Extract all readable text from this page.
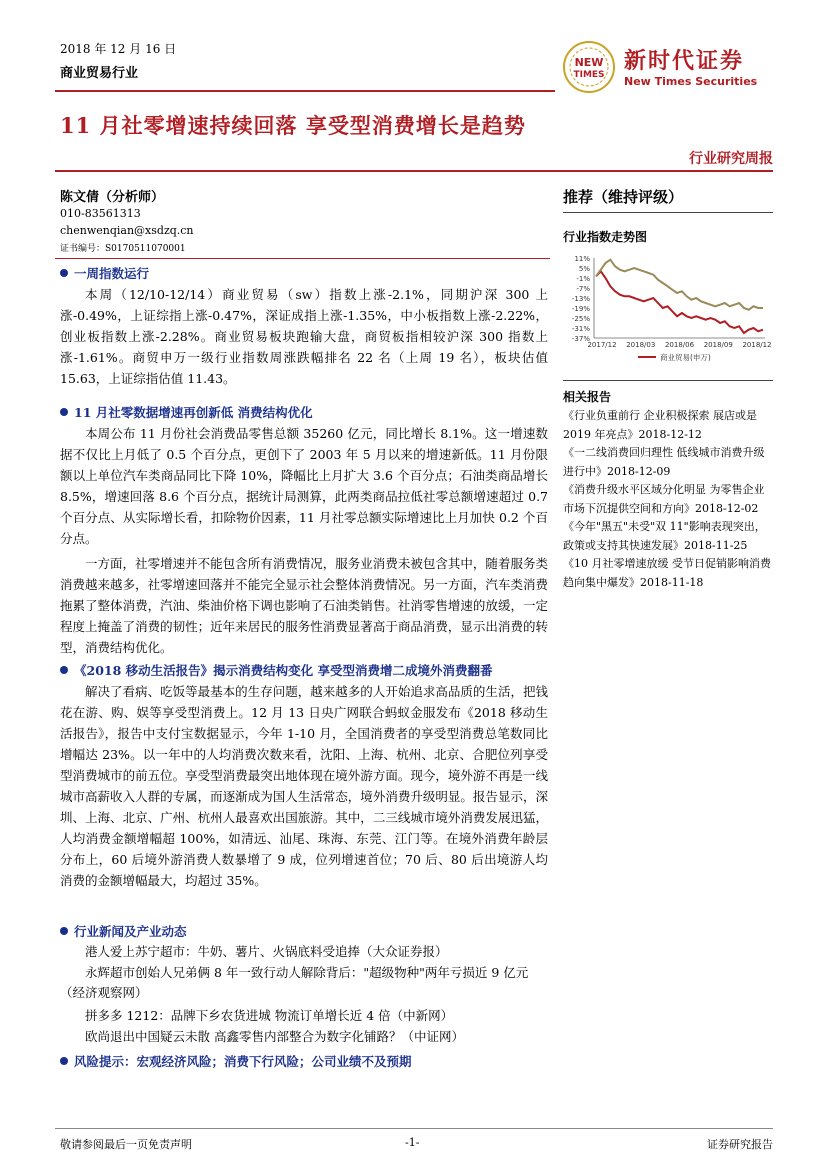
2018 年 12 月 16 日
商业贸易行业
NEW
TIMES
新时代证券
New Times Securities
11 月社零增速持续回落 享受型消费增长是趋势
行业研究周报
陈文倩（分析师）
010-83561313
chenwenqian@xsdzq.cn
证书编号：S0170511070001
一周指数运行
本周（12/10-12/14）商业贸易（sw）指数上涨-2.1%，同期沪深 300 上涨-0.49%，上证综指上涨-0.47%，深证成指上涨-1.35%，中小板指数上涨-2.22%，创业板指数上涨-2.28%。商业贸易板块跑输大盘，商贸板指相较沪深 300 指数上涨-1.61%。商贸申万一级行业指数周涨跌幅排名 22 名（上周 19 名），板块估值 15.63，上证综指估值 11.43。
11 月社零数据增速再创新低 消费结构优化
本周公布 11 月份社会消费品零售总额 35260 亿元，同比增长 8.1%。这一增速数据不仅比上月低了 0.5 个百分点，更创下了 2003 年 5 月以来的增速新低。11 月份限额以上单位汽车类商品同比下降 10%，降幅比上月扩大 3.6 个百分点；石油类商品增长 8.5%，增速回落 8.6 个百分点，据统计局测算，此两类商品拉低社零总额增速超过 0.7 个百分点、从实际增长看，扣除物价因素，11 月社零总额实际增速比上月加快 0.2 个百分点。
一方面，社零增速并不能包含所有消费情况，服务业消费未被包含其中，随着服务类消费越来越多，社零增速回落并不能完全显示社会整体消费情况。另一方面，汽车类消费拖累了整体消费，汽油、柴油价格下调也影响了石油类销售。社消零售增速的放缓，一定程度上掩盖了消费的韧性；近年来居民的服务性消费显著高于商品消费，显示出消费的转型，消费结构优化。
《2018 移动生活报告》揭示消费结构变化 享受型消费增二成境外消费翻番
解决了看病、吃饭等最基本的生存问题，越来越多的人开始追求高品质的生活，把钱花在游、购、娱等享受型消费上。12 月 13 日央广网联合蚂蚁金服发布《2018 移动生活报告》，报告中支付宝数据显示，今年 1-10 月，全国消费者的享受型消费总笔数同比增幅达 23%。以一年中的人均消费次数来看，沈阳、上海、杭州、北京、合肥位列享受型消费城市的前五位。享受型消费最突出地体现在境外游方面。现今，境外游不再是一线城市高薪收入人群的专属，而逐渐成为国人生活常态，境外消费升级明显。报告显示，深圳、上海、北京、广州、杭州人最喜欢出国旅游。其中，二三线城市境外消费发展迅猛，人均消费金额增幅超 100%，如清远、汕尾、珠海、东莞、江门等。在境外消费年龄层分布上，60 后境外游消费人数暴增了 9 成，位列增速首位；70 后、80 后出境游人均消费的金额增幅最大，均超过 35%。
行业新闻及产业动态
港人爱上苏宁超市：牛奶、薯片、火锅底料受追捧（大众证券报）
永辉超市创始人兄弟俩 8 年一致行动人解除背后："超级物种"两年亏损近 9 亿元（经济观察网）
拼多多 1212：品牌下乡农货进城 物流订单增长近 4 倍（中新网）
欧尚退出中国疑云未散 高鑫零售内部整合为数字化铺路？（中证网）
风险提示：宏观经济风险；消费下行风险；公司业绩不及预期
推荐（维持评级）
行业指数走势图
11%
5%
-1%
-7%
-13%
-19%
-25%
-31%
-37%
2017/12 2018/03 2018/06 2018/09 2018/12
商业贸易(申万)
相关报告
《行业负重前行 企业积极探索 展店或是 2019 年亮点》2018-12-12
《一二线消费回归理性 低线城市消费升级进行中》2018-12-09
《消费升级水平区域分化明显 为零售企业市场下沉提供空间和方向》2018-12-02
《今年"黑五"未受"双 11"影响表现突出，政策或支持其快速发展》2018-11-25
《10 月社零增速放缓 受节日促销影响消费趋向集中爆发》2018-11-18
敬请参阅最后一页免责声明	-1-	证券研究报告
